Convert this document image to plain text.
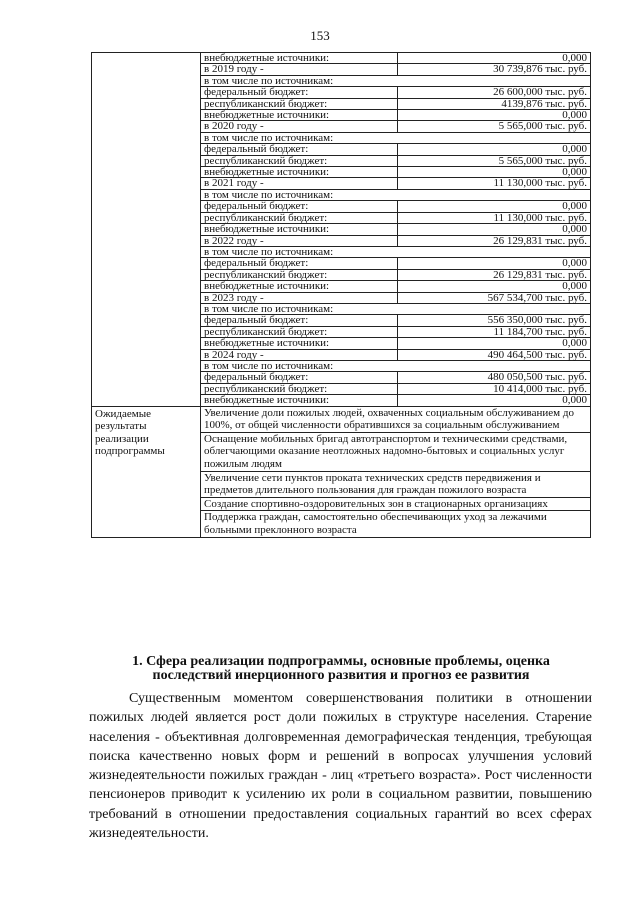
153
	внебюджетные источники:	0,000
	в 2019 году -	30 739,876 тыс. руб.
	в том числе по источникам:	
	федеральный бюджет:	26 600,000 тыс. руб.
	республиканский бюджет:	4139,876 тыс. руб.
	внебюджетные источники:	0,000
	в 2020 году -	5 565,000 тыс. руб.
	в том числе по источникам:	
	федеральный бюджет:	0,000
	республиканский бюджет:	5 565,000 тыс. руб.
	внебюджетные источники:	0,000
	в 2021 году -	11 130,000 тыс. руб.
	в том числе по источникам:	
	федеральный бюджет:	0,000
	республиканский бюджет:	11 130,000 тыс. руб.
	внебюджетные источники:	0,000
	в 2022 году -	26 129,831 тыс. руб.
	в том числе по источникам:	
	федеральный бюджет:	0,000
	республиканский бюджет:	26 129,831 тыс. руб.
	внебюджетные источники:	0,000
	в 2023 году -	567 534,700 тыс. руб.
	в том числе по источникам:	
	федеральный бюджет:	556 350,000 тыс. руб.
	республиканский бюджет:	11 184,700 тыс. руб.
	внебюджетные источники:	0,000
	в 2024 году -	490 464,500 тыс. руб.
	в том числе по источникам:	
	федеральный бюджет:	480 050,500 тыс. руб.
	республиканский бюджет:	10 414,000 тыс. руб.
	внебюджетные источники:	0,000
Ожидаемые результаты реализации подпрограммы	Увеличение доли пожилых людей, охваченных социальным обслуживанием до 100%, от общей численности обратившихся за социальным обслуживанием	
	Оснащение мобильных бригад автотранспортом и техническими средствами, облегчающими оказание неотложных надомно-бытовых и социальных услуг пожилым людям	
	Увеличение сети пунктов проката технических средств передвижения и предметов длительного пользования для граждан пожилого возраста	
	Создание спортивно-оздоровительных зон в стационарных организациях	
	Поддержка граждан, самостоятельно обеспечивающих уход за лежачими больными преклонного возраста	
1. Сфера реализации подпрограммы, основные проблемы, оценка последствий инерционного развития и прогноз ее развития

Существенным моментом совершенствования политики в отношении пожилых людей является рост доли пожилых в структуре населения. Старение населения - объективная долговременная демографическая тенденция, требующая поиска качественно новых форм и решений в вопросах улучшения условий жизнедеятельности пожилых граждан - лиц «третьего возраста». Рост численности пенсионеров приводит к усилению их роли в социальном развитии, повышению требований в отношении предоставления социальных гарантий во всех сферах жизнедеятельности.
